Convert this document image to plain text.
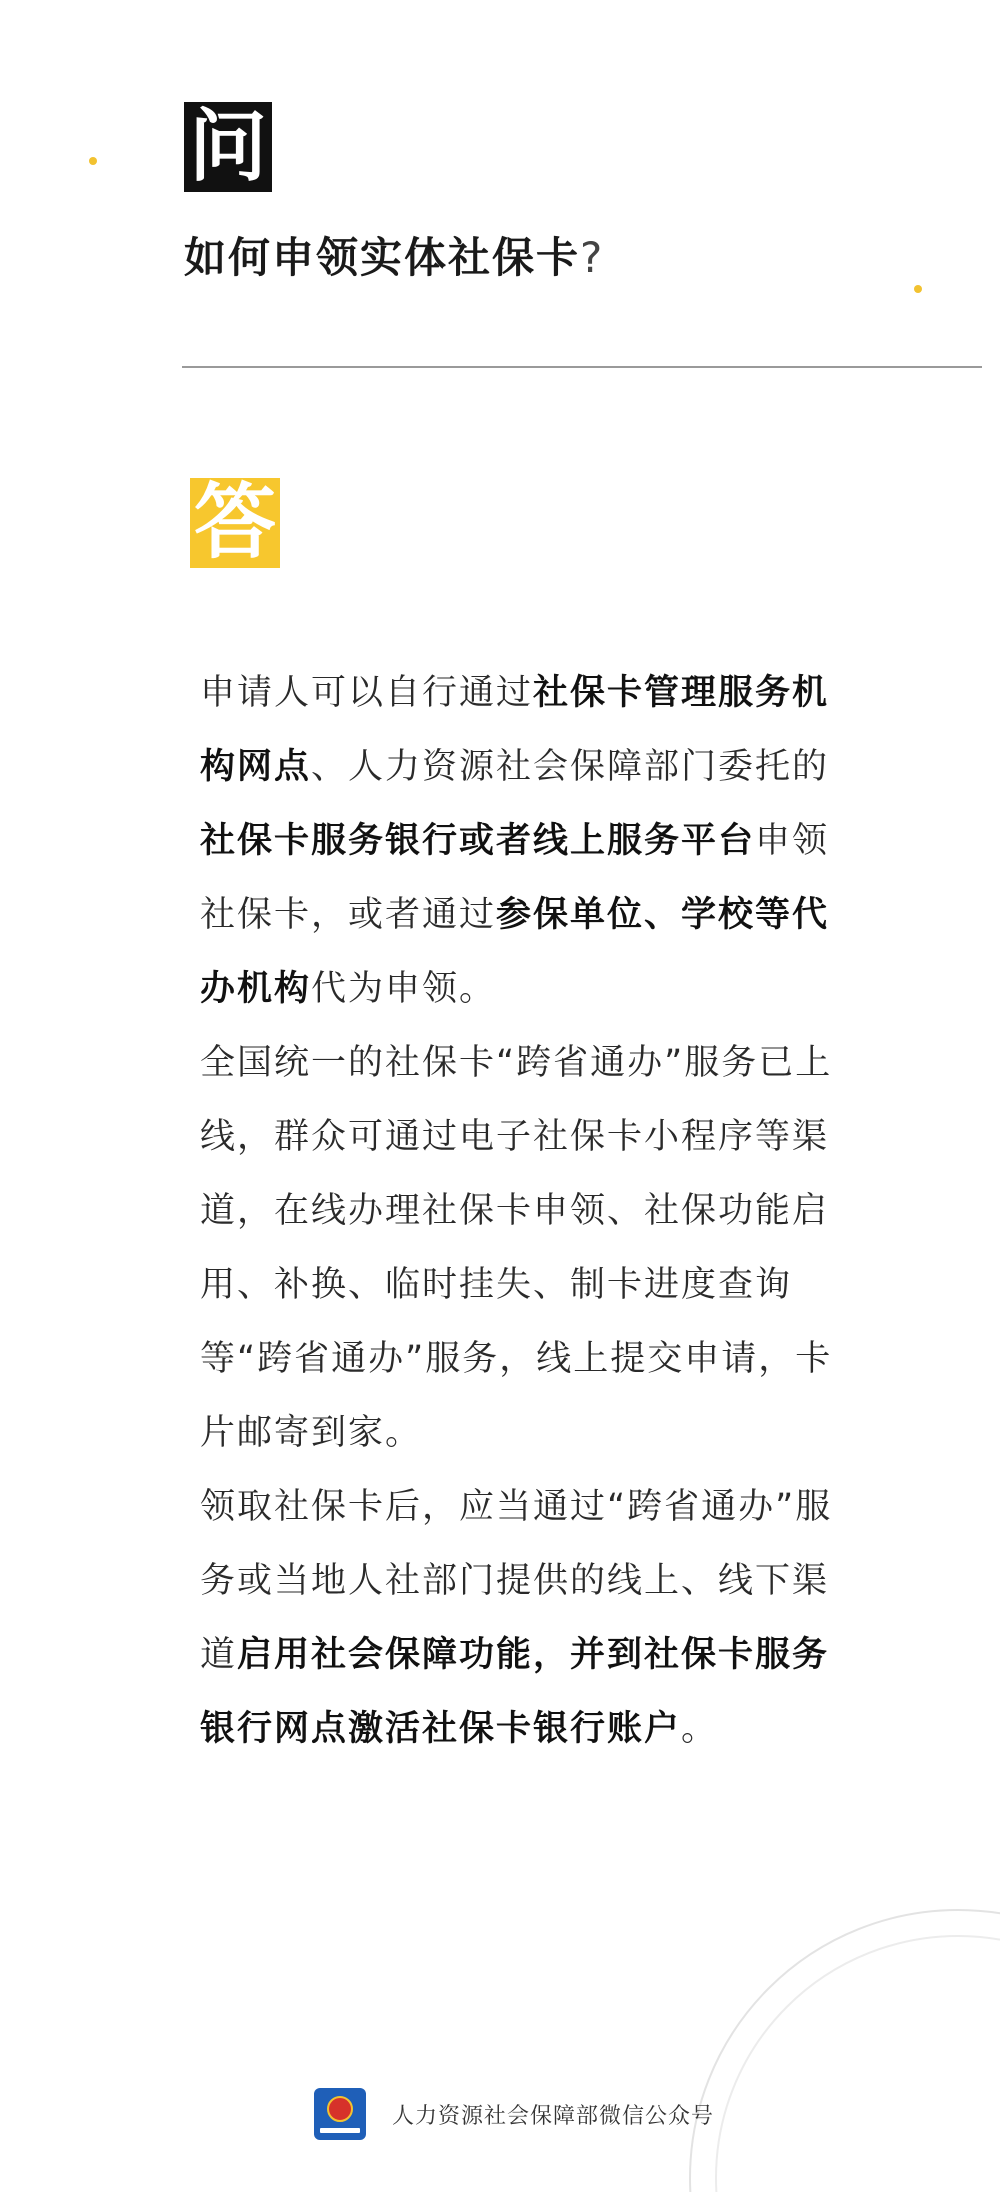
问
如何申领实体社保卡?
答

申请人可以自行通过社保卡管理服务机构网点、人力资源社会保障部门委托的社保卡服务银行或者线上服务平台申领社保卡，或者通过参保单位、学校等代办机构代为申领。

全国统一的社保卡“跨省通办”服务已上线，群众可通过电子社保卡小程序等渠道，在线办理社保卡申领、社保功能启用、补换、临时挂失、制卡进度查询等“跨省通办”服务，线上提交申请，卡片邮寄到家。

领取社保卡后，应当通过“跨省通办”服务或当地人社部门提供的线上、线下渠道启用社会保障功能，并到社保卡服务银行网点激活社保卡银行账户。

人力资源社会保障部微信公众号
